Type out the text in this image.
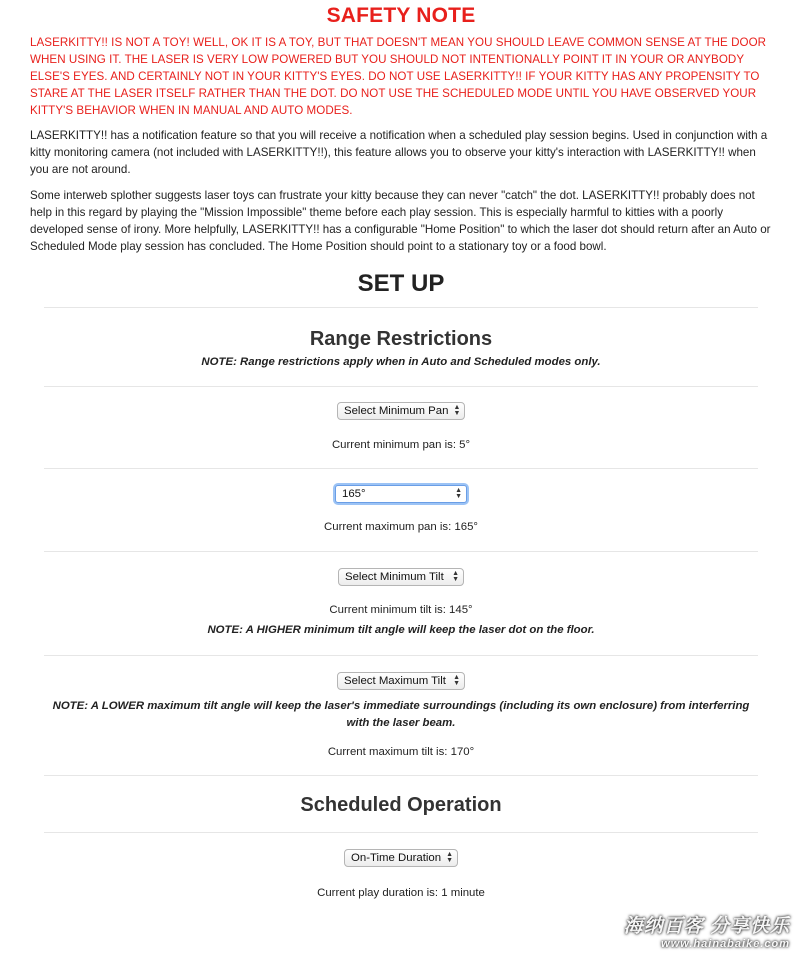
SAFETY NOTE

LASERKITTY!! IS NOT A TOY! WELL, OK IT IS A TOY, BUT THAT DOESN'T MEAN YOU SHOULD LEAVE COMMON SENSE AT THE DOOR WHEN USING IT. THE LASER IS VERY LOW POWERED BUT YOU SHOULD NOT INTENTIONALLY POINT IT IN YOUR OR ANYBODY ELSE'S EYES. AND CERTAINLY NOT IN YOUR KITTY'S EYES. DO NOT USE LASERKITTY!! IF YOUR KITTY HAS ANY PROPENSITY TO STARE AT THE LASER ITSELF RATHER THAN THE DOT. DO NOT USE THE SCHEDULED MODE UNTIL YOU HAVE OBSERVED YOUR KITTY'S BEHAVIOR WHEN IN MANUAL AND AUTO MODES.

LASERKITTY!! has a notification feature so that you will receive a notification when a scheduled play session begins. Used in conjunction with a kitty monitoring camera (not included with LASERKITTY!!), this feature allows you to observe your kitty's interaction with LASERKITTY!! when you are not around.

Some interweb splother suggests laser toys can frustrate your kitty because they can never "catch" the dot. LASERKITTY!! probably does not help in this regard by playing the "Mission Impossible" theme before each play session. This is especially harmful to kitties with a poorly developed sense of irony. More helpfully, LASERKITTY!! has a configurable "Home Position" to which the laser dot should return after an Auto or Scheduled Mode play session has concluded. The Home Position should point to a stationary toy or a food bowl.

SET UP
Range Restrictions
NOTE: Range restrictions apply when in Auto and Scheduled modes only.
Select Minimum Pan ▲
▼
Current minimum pan is: 5°
165°	▲
▼
Current maximum pan is: 165°
Select Minimum Tilt ▲
▼
Current minimum tilt is: 145°
NOTE: A HIGHER minimum tilt angle will keep the laser dot on the floor.
Select Maximum Tilt ▲
▼
NOTE: A LOWER maximum tilt angle will keep the laser's immediate surroundings (including its own enclosure) from interferring with the laser beam.
Current maximum tilt is: 170°
Scheduled Operation
On-Time Duration ▲
▼
Current play duration is: 1 minute
海纳百客 分享快乐
www.hainabaike.com
